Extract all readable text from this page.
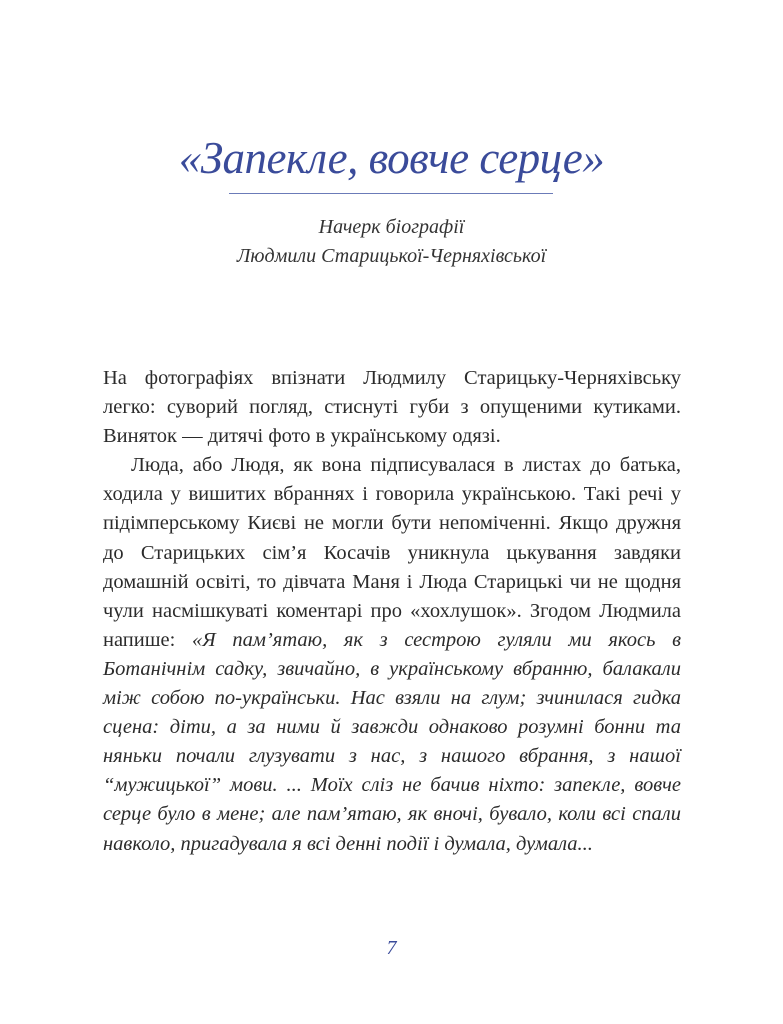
«Запекле, вовче серце»
Начерк біографії
Людмили Старицької-Черняхівської

На фотографіях впізнати Людмилу Старицьку-Черняхівську легко: суворий погляд, стиснуті губи з опущеними кутиками. Виняток — дитячі фото в українському одязі.

Люда, або Людя, як вона підписувалася в листах до батька, ходила у вишитих вбраннях і говорила українською. Такі речі у підімперському Києві не могли бути непоміченні. Якщо дружня до Старицьких сім’я Косачів уникнула цькування завдяки домашній освіті, то дівчата Маня і Люда Старицькі чи не щодня чули насмішкуваті коментарі про «хохлушок». Згодом Людмила напише: «Я пам’ятаю, як з сестрою гуляли ми якось в Ботанічнім садку, звичайно, в українському вбранню, балакали між собою по-українськи. Нас взяли на глум; зчинилася гидка сцена: діти, а за ними й завжди однаково розумні бонни та няньки почали глузувати з нас, з нашого вбрання, з нашої “мужицької” мови. ... Моїх сліз не бачив ніхто: запекле, вовче серце було в мене; але пам’ятаю, як вночі, бувало, коли всі спали навколо, пригадувала я всі денні події і думала, думала...

7
